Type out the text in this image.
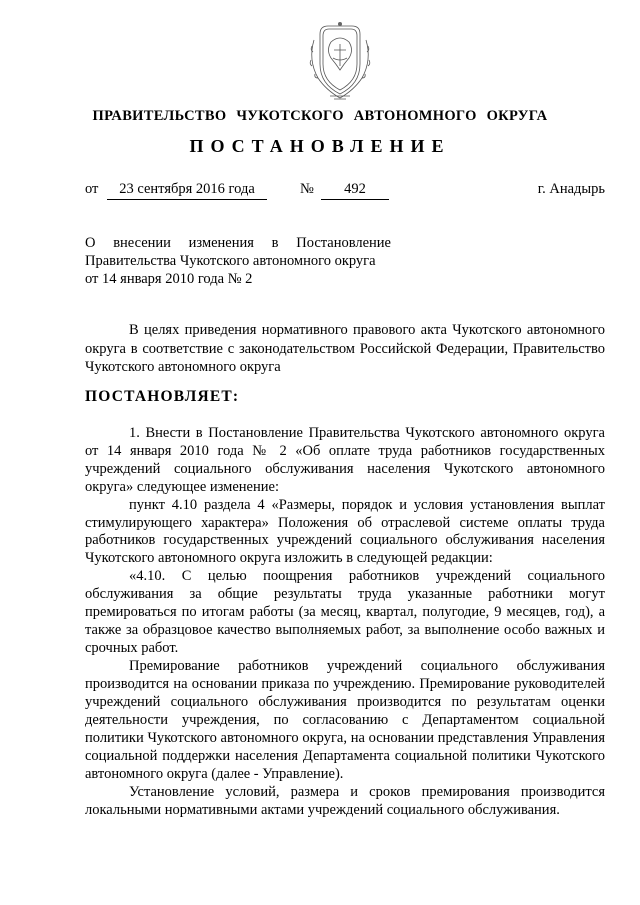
ПРАВИТЕЛЬСТВО ЧУКОТСКОГО АВТОНОМНОГО ОКРУГА
ПОСТАНОВЛЕНИЕ
от	23 сентября 2016 года	№	492	г. Анадырь
О внесении изменения в Постановление
Правительства Чукотского автономного округа
от 14 января 2010 года № 2
В целях приведения нормативного правового акта Чукотского автономного округа в соответствие с законодательством Российской Федерации, Правительство Чукотского автономного округа
ПОСТАНОВЛЯЕТ:

1. Внести в Постановление Правительства Чукотского автономного округа от 14 января 2010 года № 2 «Об оплате труда работников государственных учреждений социального обслуживания населения Чукотского автономного округа» следующее изменение:

пункт 4.10 раздела 4 «Размеры, порядок и условия установления выплат стимулирующего характера» Положения об отраслевой системе оплаты труда работников государственных учреждений социального обслуживания населения Чукотского автономного округа изложить в следующей редакции:

«4.10. С целью поощрения работников учреждений социального обслуживания за общие результаты труда указанные работники могут премироваться по итогам работы (за месяц, квартал, полугодие, 9 месяцев, год), а также за образцовое качество выполняемых работ, за выполнение особо важных и срочных работ.

Премирование работников учреждений социального обслуживания производится на основании приказа по учреждению. Премирование руководителей учреждений социального обслуживания производится по результатам оценки деятельности учреждения, по согласованию с Департаментом социальной политики Чукотского автономного округа, на основании представления Управления социальной поддержки населения Департамента социальной политики Чукотского автономного округа (далее - Управление).

Установление условий, размера и сроков премирования производится локальными нормативными актами учреждений социального обслуживания.
